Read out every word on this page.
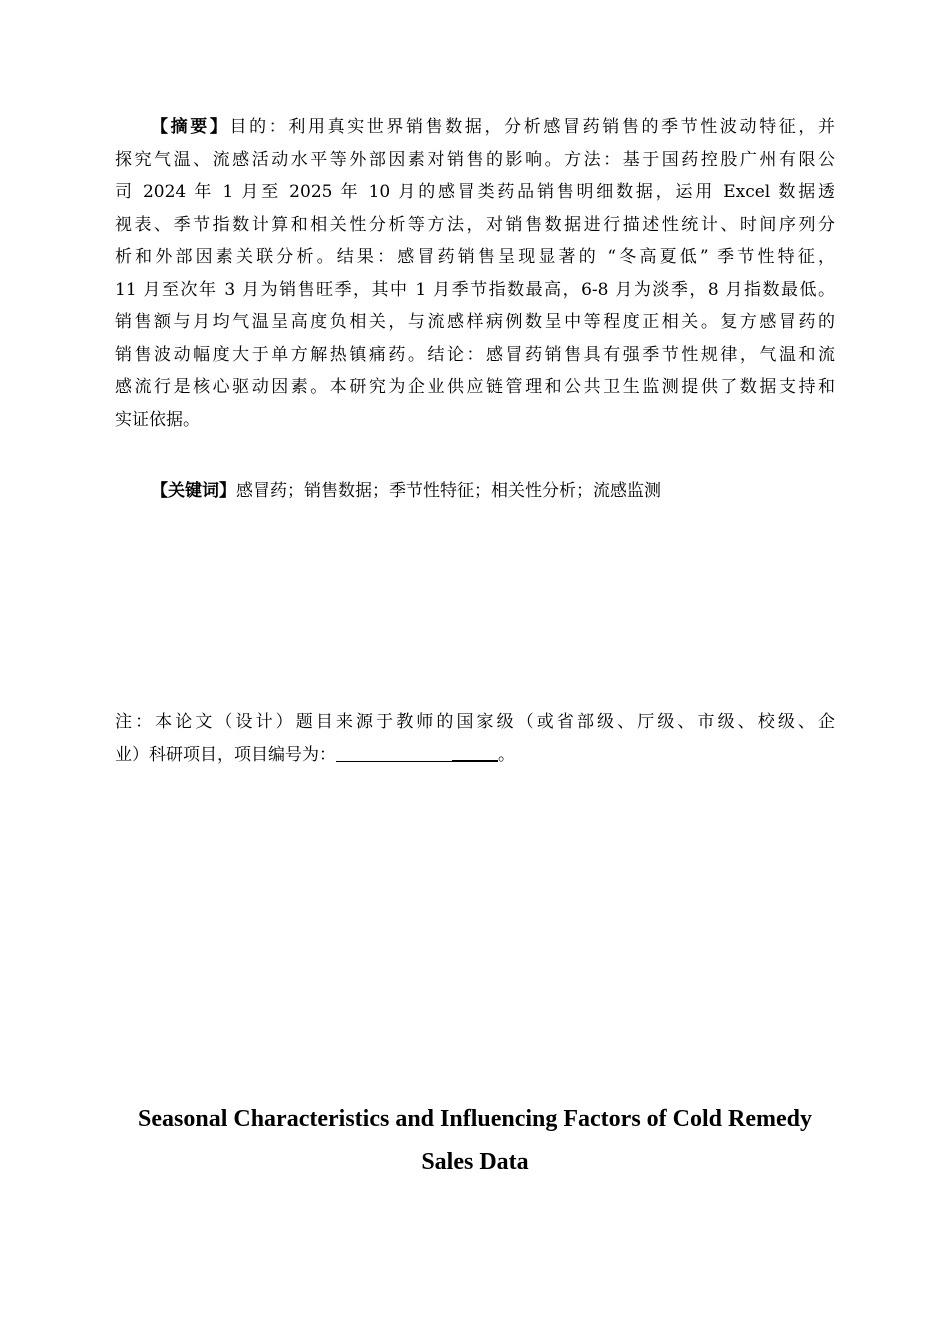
【摘要】目的：利用真实世界销售数据，分析感冒药销售的季节性波动特征，并
探究气温、流感活动水平等外部因素对销售的影响。方法：基于国药控股广州有限公
司 2024 年 1 月至 2025 年 10 月的感冒类药品销售明细数据，运用 Excel 数据透
视表、季节指数计算和相关性分析等方法，对销售数据进行描述性统计、时间序列分
析和外部因素关联分析。结果：感冒药销售呈现显著的 “冬高夏低” 季节性特征，
11 月至次年 3 月为销售旺季，其中 1 月季节指数最高，6-8 月为淡季，8 月指数最低。
销售额与月均气温呈高度负相关，与流感样病例数呈中等程度正相关。复方感冒药的
销售波动幅度大于单方解热镇痛药。结论：感冒药销售具有强季节性规律，气温和流
感流行是核心驱动因素。本研究为企业供应链管理和公共卫生监测提供了数据支持和
实证依据。
【关键词】感冒药；销售数据；季节性特征；相关性分析；流感监测
注：本论文（设计）题目来源于教师的国家级（或省部级、厅级、市级、校级、企
业）科研项目，项目编号为：	。
Seasonal Characteristics and Influencing Factors of Cold Remedy
Sales Data
